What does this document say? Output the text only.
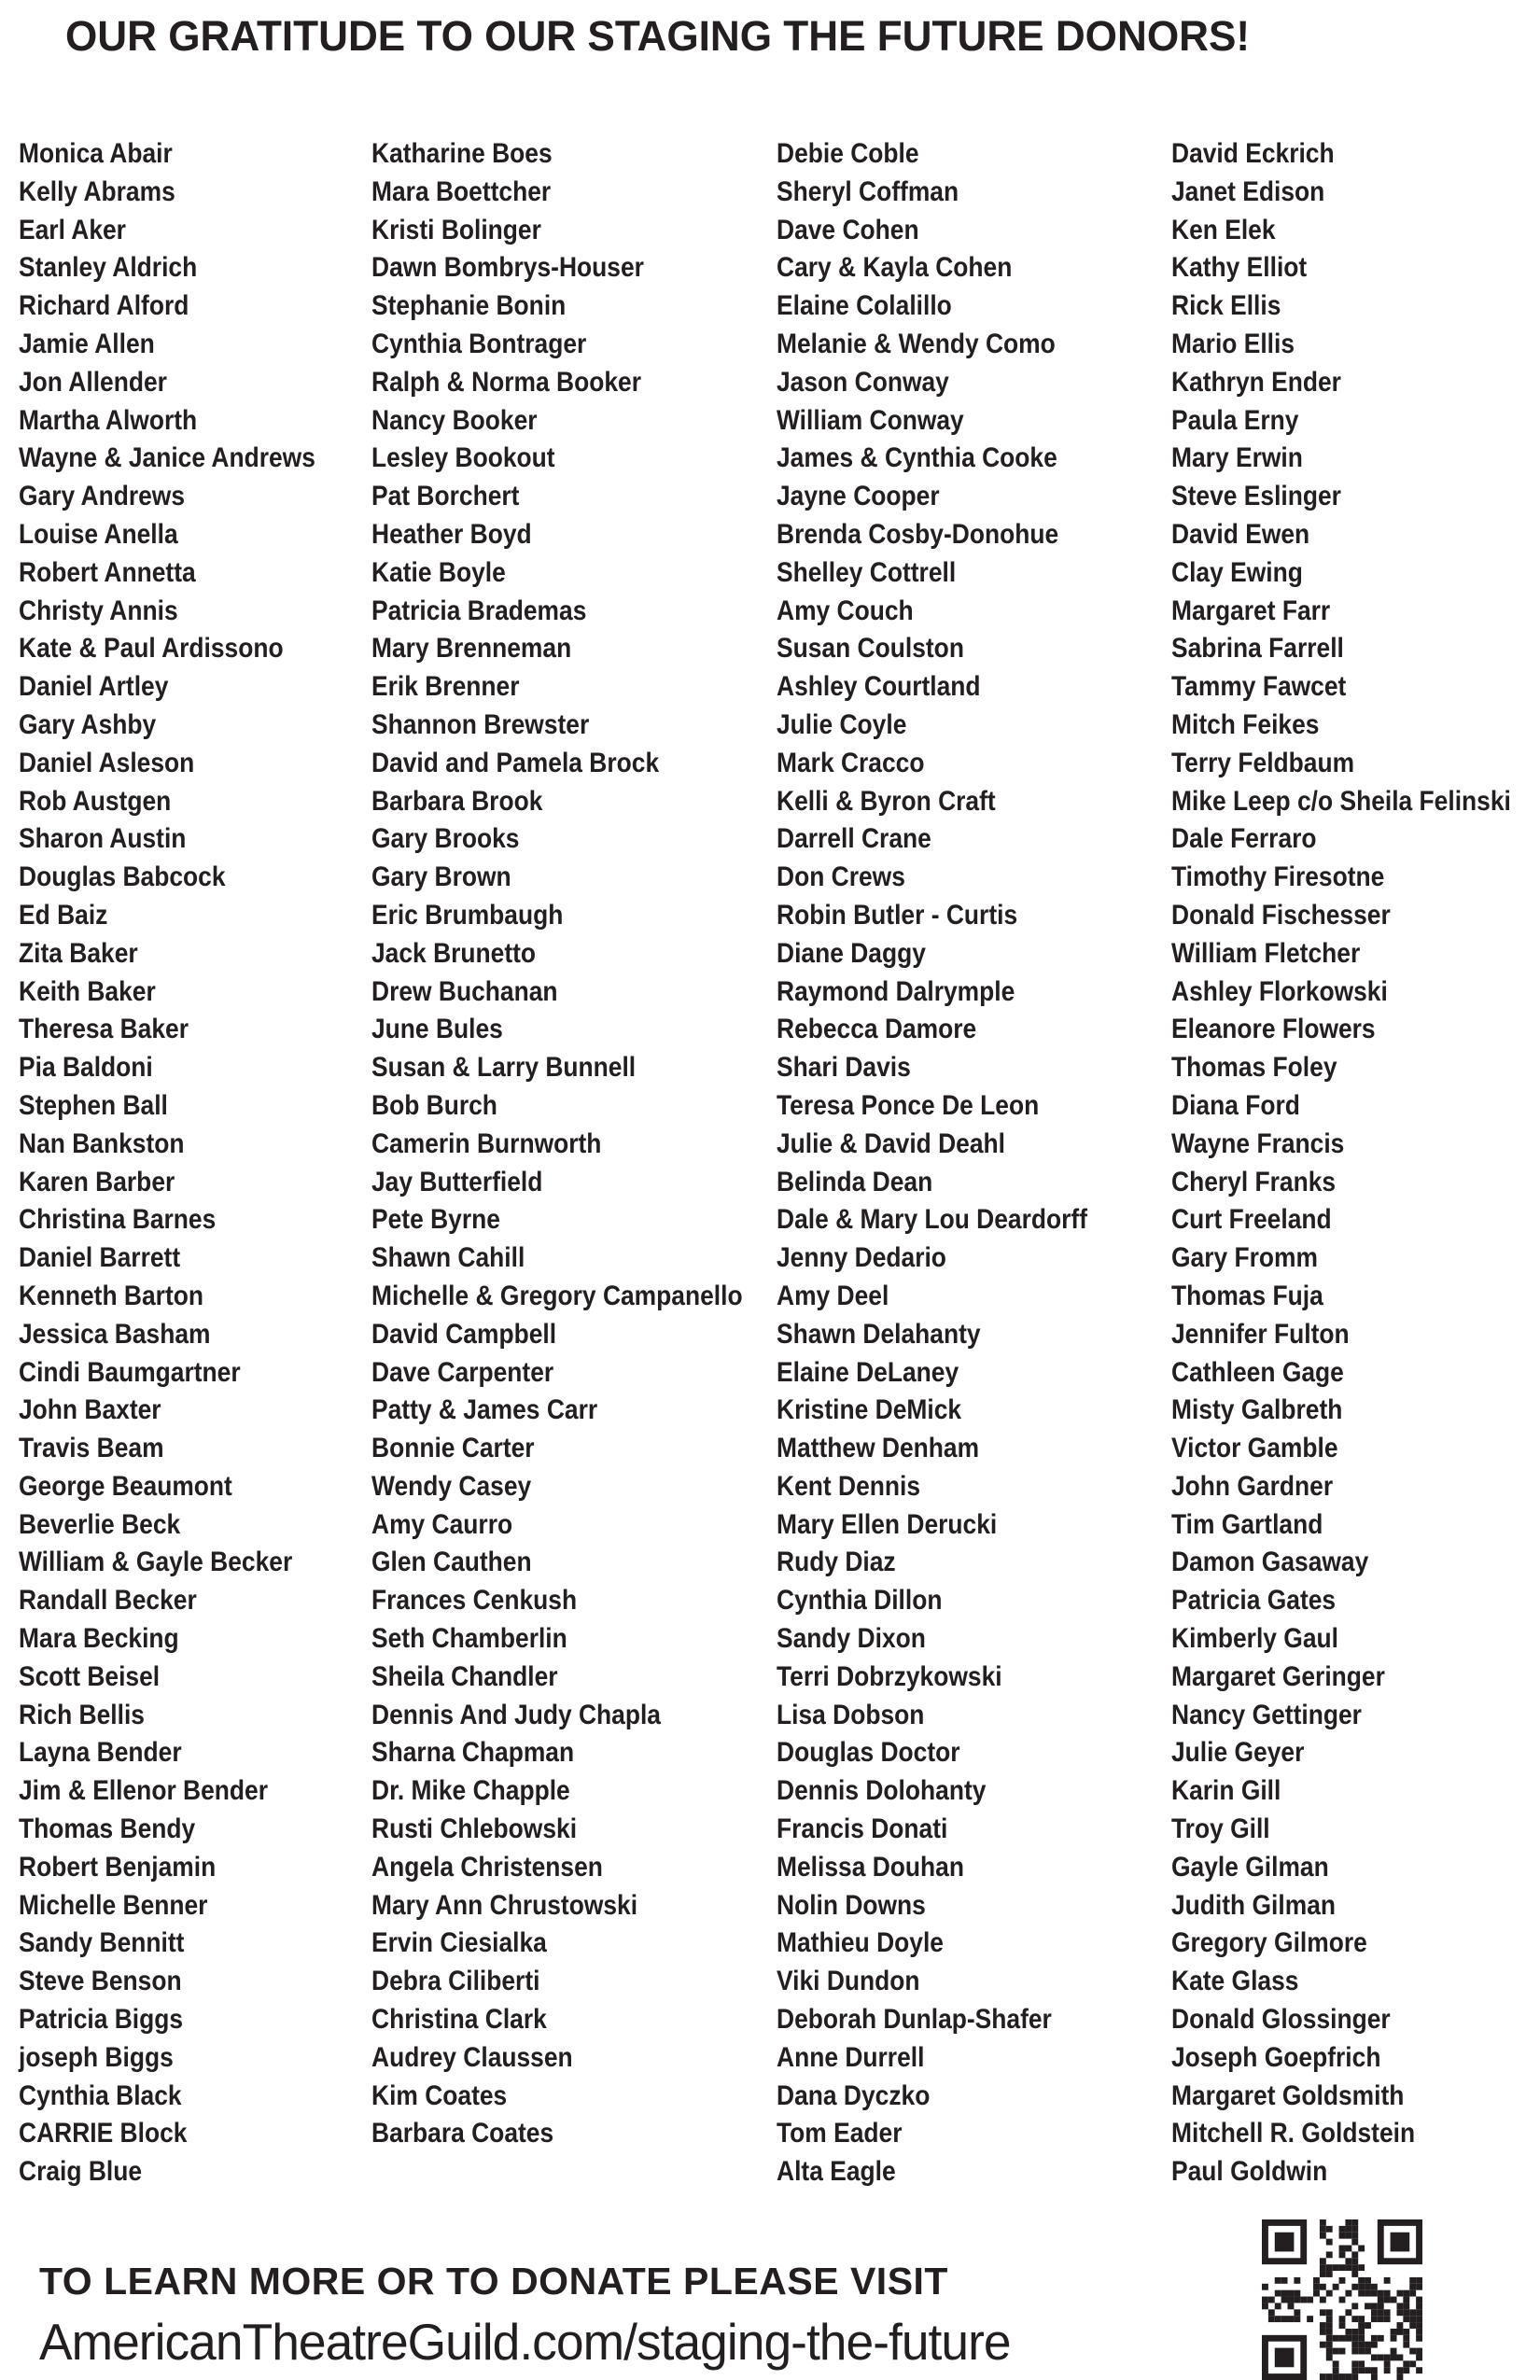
OUR GRATITUDE TO OUR STAGING THE FUTURE DONORS!
Monica Abair
Kelly Abrams
Earl Aker
Stanley Aldrich
Richard Alford
Jamie Allen
Jon Allender
Martha Alworth
Wayne & Janice Andrews
Gary Andrews
Louise Anella
Robert Annetta
Christy Annis
Kate & Paul Ardissono
Daniel Artley
Gary Ashby
Daniel Asleson
Rob Austgen
Sharon Austin
Douglas Babcock
Ed Baiz
Zita Baker
Keith Baker
Theresa Baker
Pia Baldoni
Stephen Ball
Nan Bankston
Karen Barber
Christina Barnes
Daniel Barrett
Kenneth Barton
Jessica Basham
Cindi Baumgartner
John Baxter
Travis Beam
George Beaumont
Beverlie Beck
William & Gayle Becker
Randall Becker
Mara Becking
Scott Beisel
Rich Bellis
Layna Bender
Jim & Ellenor Bender
Thomas Bendy
Robert Benjamin
Michelle Benner
Sandy Bennitt
Steve Benson
Patricia Biggs
joseph Biggs
Cynthia Black
CARRIE Block
Craig Blue
Katharine Boes
Mara Boettcher
Kristi Bolinger
Dawn Bombrys-Houser
Stephanie Bonin
Cynthia Bontrager
Ralph & Norma Booker
Nancy Booker
Lesley Bookout
Pat Borchert
Heather Boyd
Katie Boyle
Patricia Brademas
Mary Brenneman
Erik Brenner
Shannon Brewster
David and Pamela Brock
Barbara Brook
Gary Brooks
Gary Brown
Eric Brumbaugh
Jack Brunetto
Drew Buchanan
June Bules
Susan & Larry Bunnell
Bob Burch
Camerin Burnworth
Jay Butterfield
Pete Byrne
Shawn Cahill
Michelle & Gregory Campanello
David Campbell
Dave Carpenter
Patty & James Carr
Bonnie Carter
Wendy Casey
Amy Caurro
Glen Cauthen
Frances Cenkush
Seth Chamberlin
Sheila Chandler
Dennis And Judy Chapla
Sharna Chapman
Dr. Mike Chapple
Rusti Chlebowski
Angela Christensen
Mary Ann Chrustowski
Ervin Ciesialka
Debra Ciliberti
Christina Clark
Audrey Claussen
Kim Coates
Barbara Coates
Debie Coble
Sheryl Coffman
Dave Cohen
Cary & Kayla Cohen
Elaine Colalillo
Melanie & Wendy Como
Jason Conway
William Conway
James & Cynthia Cooke
Jayne Cooper
Brenda Cosby-Donohue
Shelley Cottrell
Amy Couch
Susan Coulston
Ashley Courtland
Julie Coyle
Mark Cracco
Kelli & Byron Craft
Darrell Crane
Don Crews
Robin Butler - Curtis
Diane Daggy
Raymond Dalrymple
Rebecca Damore
Shari Davis
Teresa Ponce De Leon
Julie & David Deahl
Belinda Dean
Dale & Mary Lou Deardorff
Jenny Dedario
Amy Deel
Shawn Delahanty
Elaine DeLaney
Kristine DeMick
Matthew Denham
Kent Dennis
Mary Ellen Derucki
Rudy Diaz
Cynthia Dillon
Sandy Dixon
Terri Dobrzykowski
Lisa Dobson
Douglas Doctor
Dennis Dolohanty
Francis Donati
Melissa Douhan
Nolin Downs
Mathieu Doyle
Viki Dundon
Deborah Dunlap-Shafer
Anne Durrell
Dana Dyczko
Tom Eader
Alta Eagle
David Eckrich
Janet Edison
Ken Elek
Kathy Elliot
Rick Ellis
Mario Ellis
Kathryn Ender
Paula Erny
Mary Erwin
Steve Eslinger
David Ewen
Clay Ewing
Margaret Farr
Sabrina Farrell
Tammy Fawcet
Mitch Feikes
Terry Feldbaum
Mike Leep c/o Sheila Felinski
Dale Ferraro
Timothy Firesotne
Donald Fischesser
William Fletcher
Ashley Florkowski
Eleanore Flowers
Thomas Foley
Diana Ford
Wayne Francis
Cheryl Franks
Curt Freeland
Gary Fromm
Thomas Fuja
Jennifer Fulton
Cathleen Gage
Misty Galbreth
Victor Gamble
John Gardner
Tim Gartland
Damon Gasaway
Patricia Gates
Kimberly Gaul
Margaret Geringer
Nancy Gettinger
Julie Geyer
Karin Gill
Troy Gill
Gayle Gilman
Judith Gilman
Gregory Gilmore
Kate Glass
Donald Glossinger
Joseph Goepfrich
Margaret Goldsmith
Mitchell R. Goldstein
Paul Goldwin
TO LEARN MORE OR TO DONATE PLEASE VISIT
AmericanTheatreGuild.com/staging-the-future
